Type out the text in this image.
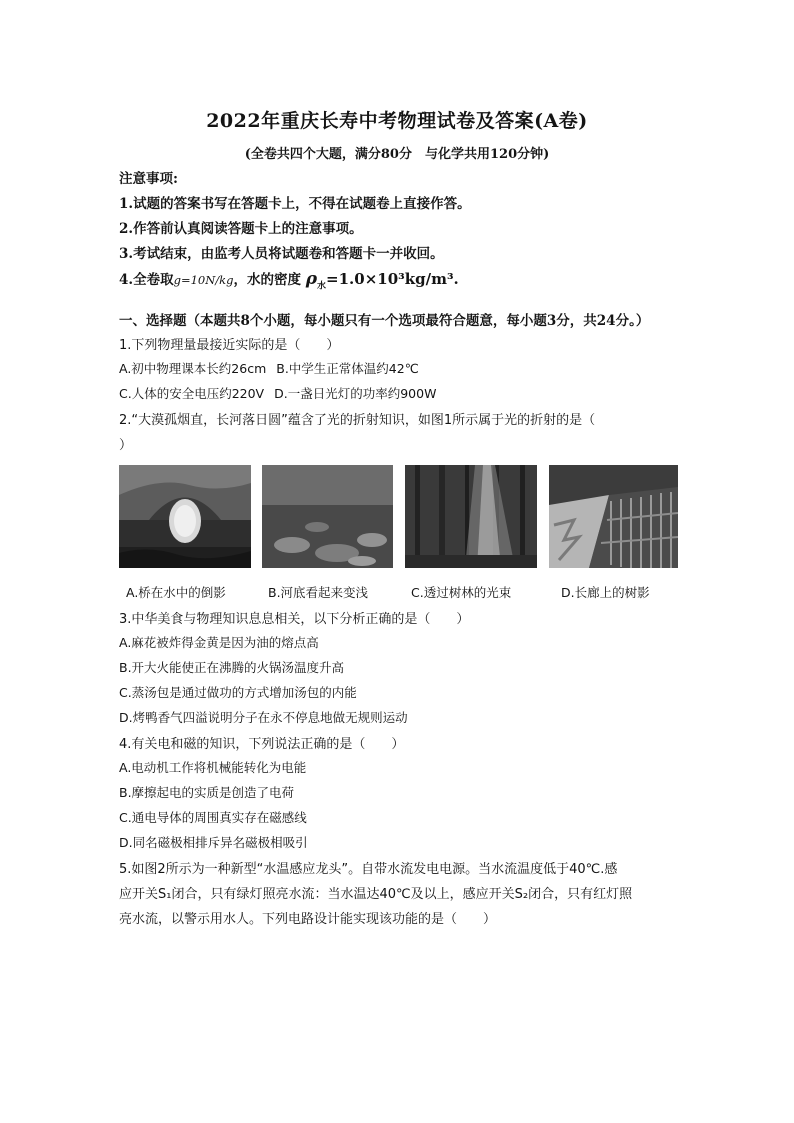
2022年重庆长寿中考物理试卷及答案(A卷)
(全卷共四个大题，满分80分　与化学共用120分钟)
注意事项:
1.试题的答案书写在答题卡上，不得在试题卷上直接作答。
2.作答前认真阅读答题卡上的注意事项。
3.考试结束，由监考人员将试题卷和答题卡一并收回。
4.全卷取g=10N/kg，水的密度 $\rho_水=1.0\times 10^3kg/m^3$.
一、选择题（本题共8个小题，每小题只有一个选项最符合题意，每小题3分，共24分。）
1.下列物理量最接近实际的是（　　）
A.初中物理课本长约26cm B.中学生正常体温约42℃
C.人体的安全电压约220V D.一盏日光灯的功率约900W
2.“大漠孤烟直，长河落日圆”蕴含了光的折射知识，如图1所示属于光的折射的是（
）
A.桥在水中的倒影	B.河底看起来变浅	C.透过树林的光束	D.长廊上的树影
3.中华美食与物理知识息息相关，以下分析正确的是（　　）
A.麻花被炸得金黄是因为油的熔点高
B.开大火能使正在沸腾的火锅汤温度升高
C.蒸汤包是通过做功的方式增加汤包的内能
D.烤鸭香气四溢说明分子在永不停息地做无规则运动
4.有关电和磁的知识，下列说法正确的是（　　）
A.电动机工作将机械能转化为电能
B.摩擦起电的实质是创造了电荷
C.通电导体的周围真实存在磁感线
D.同名磁极相排斥异名磁极相吸引
5.如图2所示为一种新型“水温感应龙头”。自带水流发电电源。当水流温度低于40℃.感
应开关S₁闭合，只有绿灯照亮水流：当水温达40℃及以上，感应开关S₂闭合，只有红灯照
亮水流，以警示用水人。下列电路设计能实现该功能的是（　　）
